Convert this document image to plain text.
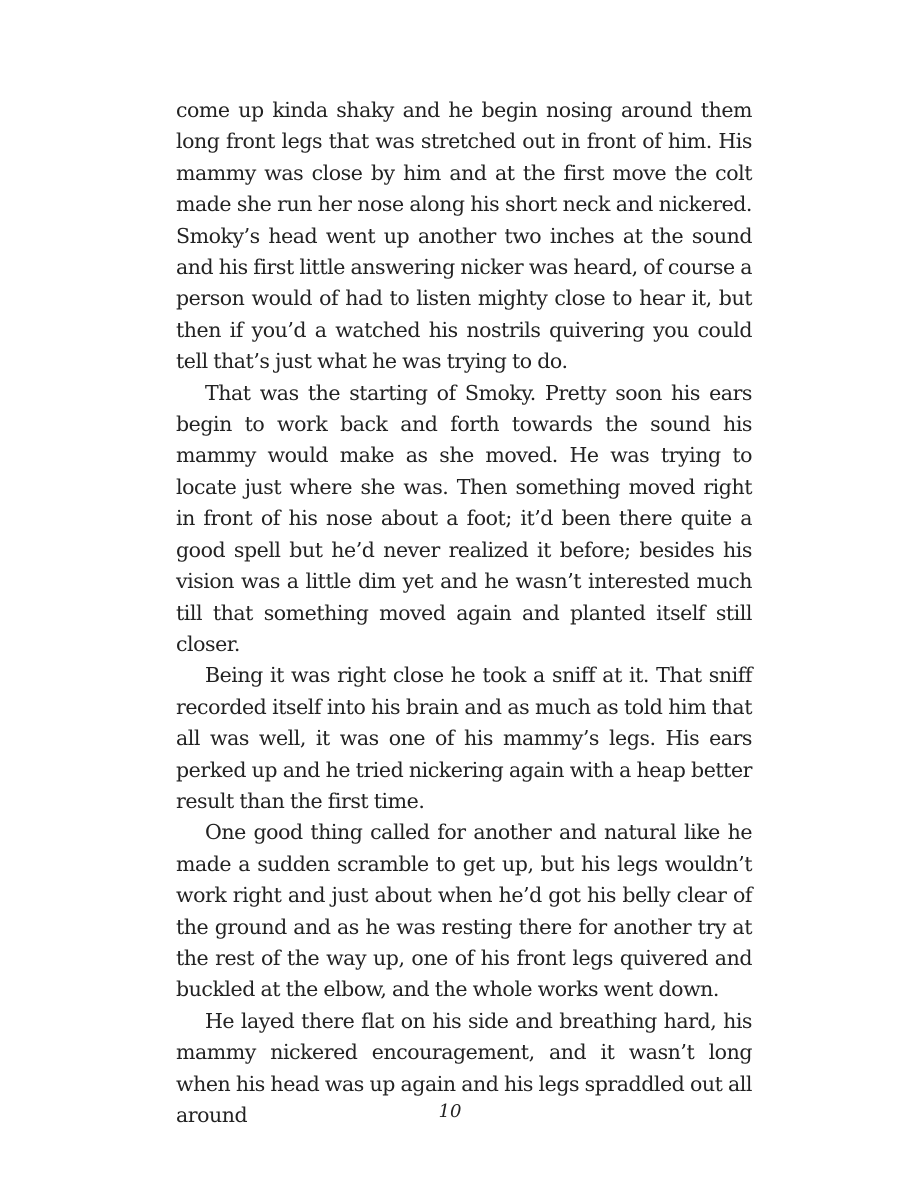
come up kinda shaky and he begin nosing around them long front legs that was stretched out in front of him. His mammy was close by him and at the first move the colt made she run her nose along his short neck and nickered. Smoky’s head went up another two inches at the sound and his first little answering nicker was heard, of course a person would of had to listen mighty close to hear it, but then if you’d a watched his nostrils quivering you could tell that’s just what he was trying to do.

That was the starting of Smoky. Pretty soon his ears begin to work back and forth towards the sound his mammy would make as she moved. He was trying to locate just where she was. Then something moved right in front of his nose about a foot; it’d been there quite a good spell but he’d never realized it before; besides his vision was a little dim yet and he wasn’t interested much till that something moved again and planted itself still closer.

Being it was right close he took a sniff at it. That sniff recorded itself into his brain and as much as told him that all was well, it was one of his mammy’s legs. His ears perked up and he tried nickering again with a heap better result than the first time.

One good thing called for another and natural like he made a sudden scramble to get up, but his legs wouldn’t work right and just about when he’d got his belly clear of the ground and as he was resting there for another try at the rest of the way up, one of his front legs quivered and buckled at the elbow, and the whole works went down.

He layed there flat on his side and breathing hard, his mammy nickered encouragement, and it wasn’t long when his head was up again and his legs spraddled out all around	10
